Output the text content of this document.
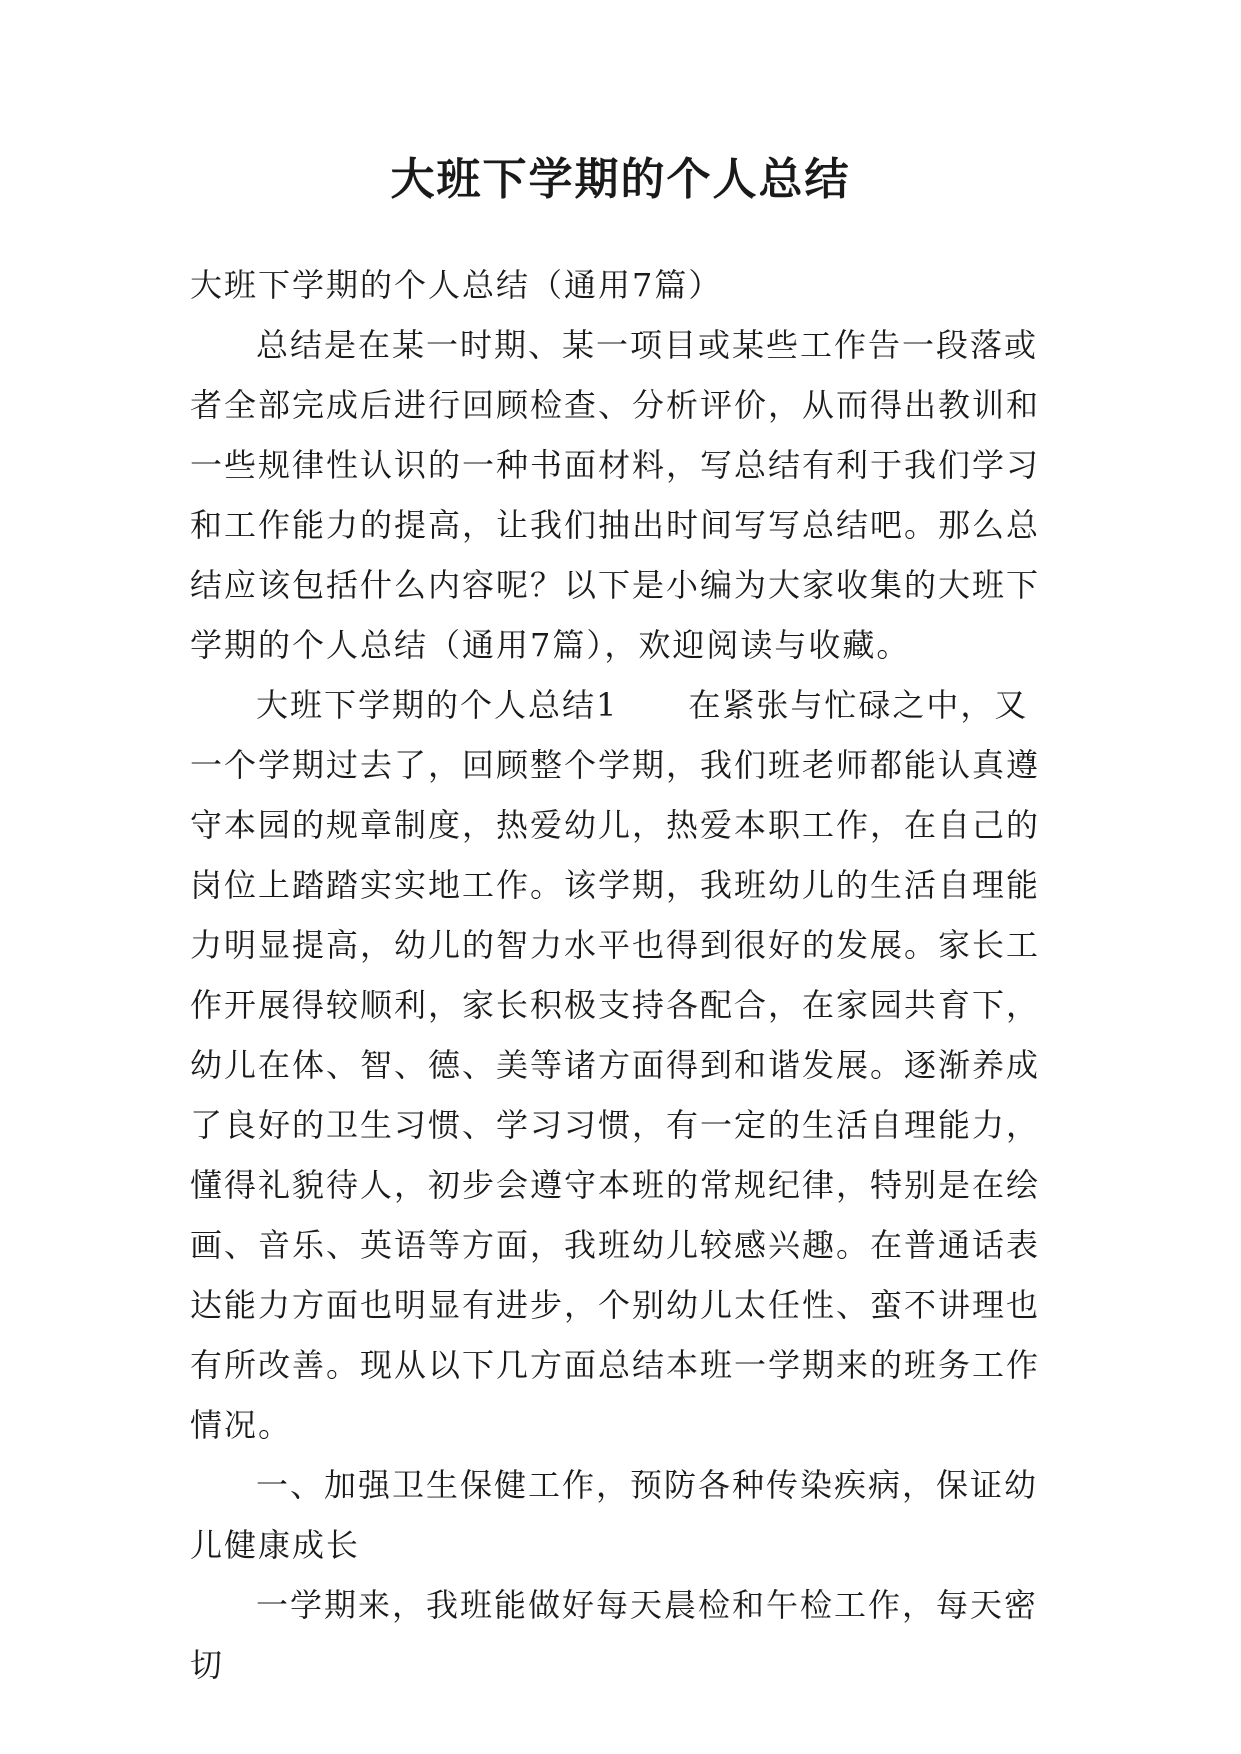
大班下学期的个人总结

大班下学期的个人总结（通用7篇）

总结是在某一时期、某一项目或某些工作告一段落或者全部完成后进行回顾检查、分析评价，从而得出教训和一些规律性认识的一种书面材料，写总结有利于我们学习和工作能力的提高，让我们抽出时间写写总结吧。那么总结应该包括什么内容呢？以下是小编为大家收集的大班下学期的个人总结（通用7篇），欢迎阅读与收藏。

大班下学期的个人总结1 在紧张与忙碌之中，又一个学期过去了，回顾整个学期，我们班老师都能认真遵守本园的规章制度，热爱幼儿，热爱本职工作，在自己的岗位上踏踏实实地工作。该学期，我班幼儿的生活自理能力明显提高，幼儿的智力水平也得到很好的发展。家长工作开展得较顺利，家长积极支持各配合，在家园共育下，幼儿在体、智、德、美等诸方面得到和谐发展。逐渐养成了良好的卫生习惯、学习习惯，有一定的生活自理能力，懂得礼貌待人，初步会遵守本班的常规纪律，特别是在绘画、音乐、英语等方面，我班幼儿较感兴趣。在普通话表达能力方面也明显有进步，个别幼儿太任性、蛮不讲理也有所改善。现从以下几方面总结本班一学期来的班务工作情况。

一、加强卫生保健工作，预防各种传染疾病，保证幼儿健康成长

一学期来，我班能做好每天晨检和午检工作，每天密切
